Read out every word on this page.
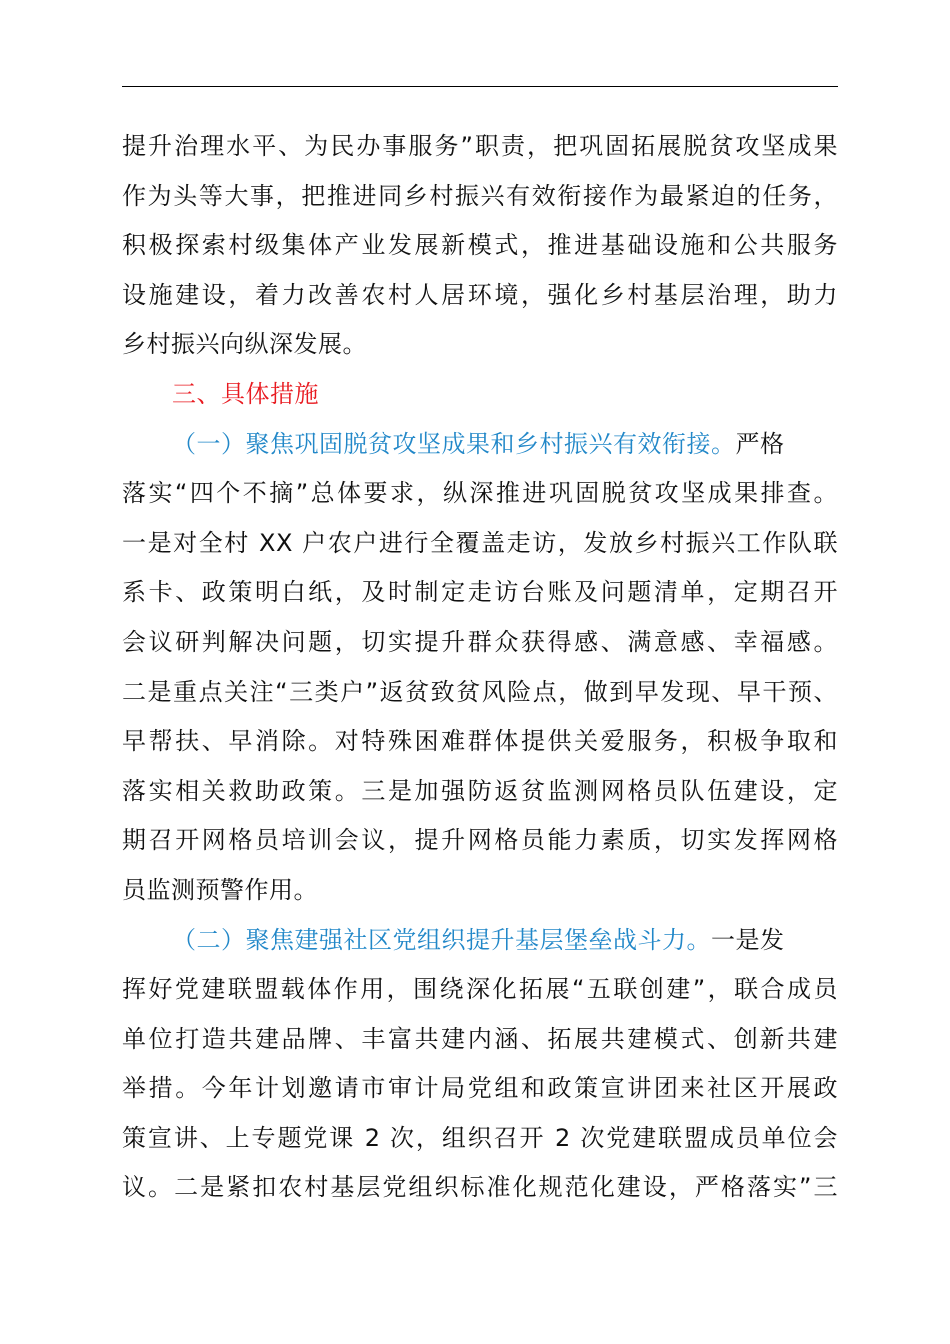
提升治理水平、为民办事服务”职责，把巩固拓展脱贫攻坚成果
作为头等大事，把推进同乡村振兴有效衔接作为最紧迫的任务，
积极探索村级集体产业发展新模式，推进基础设施和公共服务
设施建设，着力改善农村人居环境，强化乡村基层治理，助力
乡村振兴向纵深发展。
三、具体措施
（一）聚焦巩固脱贫攻坚成果和乡村振兴有效衔接。严格
落实“四个不摘”总体要求，纵深推进巩固脱贫攻坚成果排查。
一是对全村 XX 户农户进行全覆盖走访，发放乡村振兴工作队联
系卡、政策明白纸，及时制定走访台账及问题清单，定期召开
会议研判解决问题，切实提升群众获得感、满意感、幸福感。
二是重点关注“三类户”返贫致贫风险点，做到早发现、早干预、
早帮扶、早消除。对特殊困难群体提供关爱服务，积极争取和
落实相关救助政策。三是加强防返贫监测网格员队伍建设，定
期召开网格员培训会议，提升网格员能力素质，切实发挥网格
员监测预警作用。
（二）聚焦建强社区党组织提升基层堡垒战斗力。一是发
挥好党建联盟载体作用，围绕深化拓展“五联创建”，联合成员
单位打造共建品牌、丰富共建内涵、拓展共建模式、创新共建
举措。今年计划邀请市审计局党组和政策宣讲团来社区开展政
策宣讲、上专题党课 2 次，组织召开 2 次党建联盟成员单位会
议。二是紧扣农村基层党组织标准化规范化建设，严格落实”三
